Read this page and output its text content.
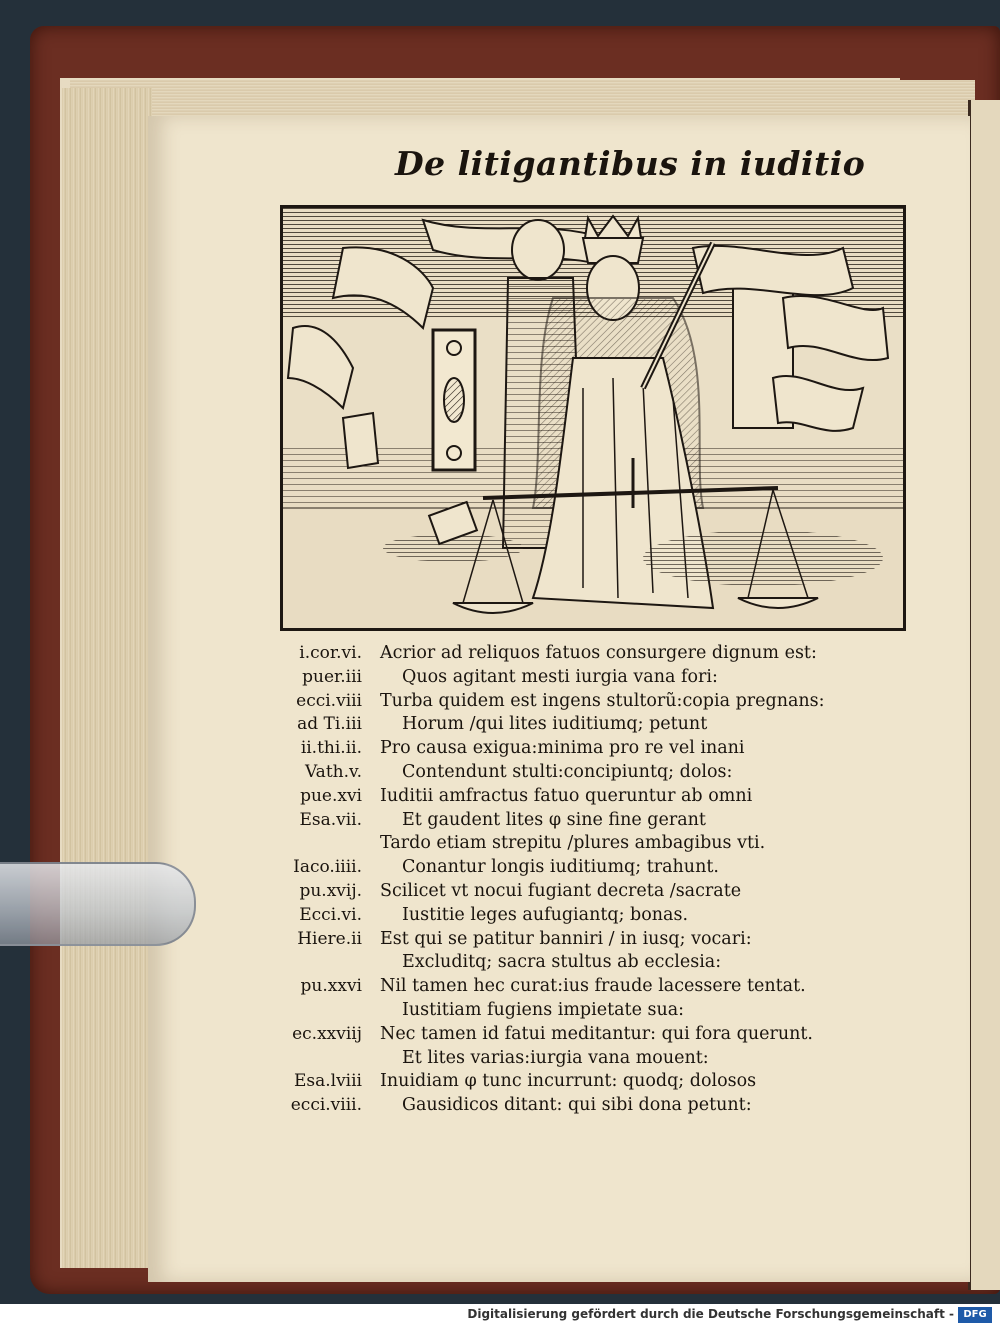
De litigantibus in iuditio
i.cor.vi. Acrior ad reliquos fatuos consurgere dignum est:
puer.iii Quos agitant mesti iurgia vana fori:
ecci.viii Turba quidem est ingens stultorũ:copia pregnans:
ad Ti.iii Horum /qui lites iuditiumq; petunt
ii.thi.ii. Pro causa exigua:minima pro re vel inani
Vath.v. Contendunt stulti:concipiuntq; dolos:
pue.xvi Iuditii amfractus fatuo queruntur ab omni
Esa.vii. Et gaudent lites φ sine fine gerant
Tardo etiam strepitu /plures ambagibus vti.
Iaco.iiii. Conantur longis iuditiumq; trahunt.
pu.xvij. Scilicet vt nocui fugiant decreta /sacrate
Ecci.vi. Iustitie leges aufugiantq; bonas.
Hiere.ii Est qui se patitur banniri / in iusq; vocari:
Excluditq; sacra stultus ab ecclesia:
pu.xxvi Nil tamen hec curat:ius fraude lacessere tentat.
Iustitiam fugiens impietate sua:
ec.xxviij Nec tamen id fatui meditantur: qui fora querunt.
Et lites varias:iurgia vana mouent:
Esa.lviii Inuidiam φ tunc incurrunt: quodq; dolosos
ecci.viii. Gausidicos ditant: qui sibi dona petunt:
Digitalisierung gefördert durch die Deutsche Forschungsgemeinschaft - DFG
